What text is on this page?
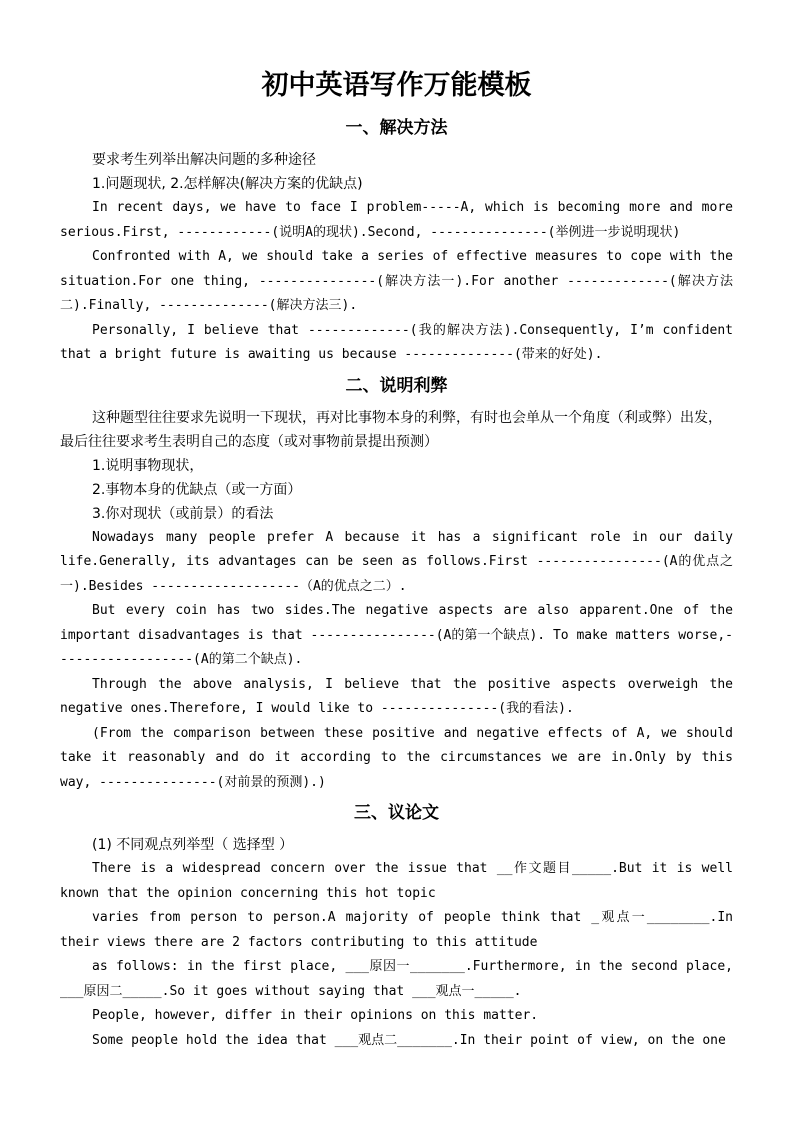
初中英语写作万能模板
一、解决方法

要求考生列举出解决问题的多种途径

1.问题现状, 2.怎样解决(解决方案的优缺点)

In recent days, we have to face I problem-----A, which is becoming more and more serious.First, ------------(说明A的现状).Second, ---------------(举例进一步说明现状)

Confronted with A, we should take a series of effective measures to cope with the situation.For one thing, ---------------(解决方法一).For another -------------(解决方法二).Finally, --------------(解决方法三).

Personally, I believe that -------------(我的解决方法).Consequently, I’m confident that a bright future is awaiting us because --------------(带来的好处).

二、说明利弊

这种题型往往要求先说明一下现状，再对比事物本身的利弊，有时也会单从一个角度（利或弊）出发，最后往往要求考生表明自己的态度（或对事物前景提出预测）

1.说明事物现状，

2.事物本身的优缺点（或一方面）

3.你对现状（或前景）的看法

Nowadays many people prefer A because it has a significant role in our daily life.Generally, its advantages can be seen as follows.First ----------------(A的优点之一).Besides -------------------（A的优点之二）.

But every coin has two sides.The negative aspects are also apparent.One of the important disadvantages is that ----------------(A的第一个缺点). To make matters worse,------------------(A的第二个缺点).

Through the above analysis, I believe that the positive aspects overweigh the negative ones.Therefore, I would like to ---------------(我的看法).

(From the comparison between these positive and negative effects of A, we should take it reasonably and do it according to the circumstances we are in.Only by this way, ---------------(对前景的预测).)

三、议论文

(1) 不同观点列举型（ 选择型 ）

There is a widespread concern over the issue that __作文题目_____.But it is well known that the opinion concerning this hot topic

varies from person to person.A majority of people think that _观点一________.In their views there are 2 factors contributing to this attitude

as follows: in the first place, ___原因一_______.Furthermore, in the second place, ___原因二_____.So it goes without saying that ___观点一_____.

People, however, differ in their opinions on this matter.

Some people hold the idea that ___观点二_______.In their point of view, on the one
